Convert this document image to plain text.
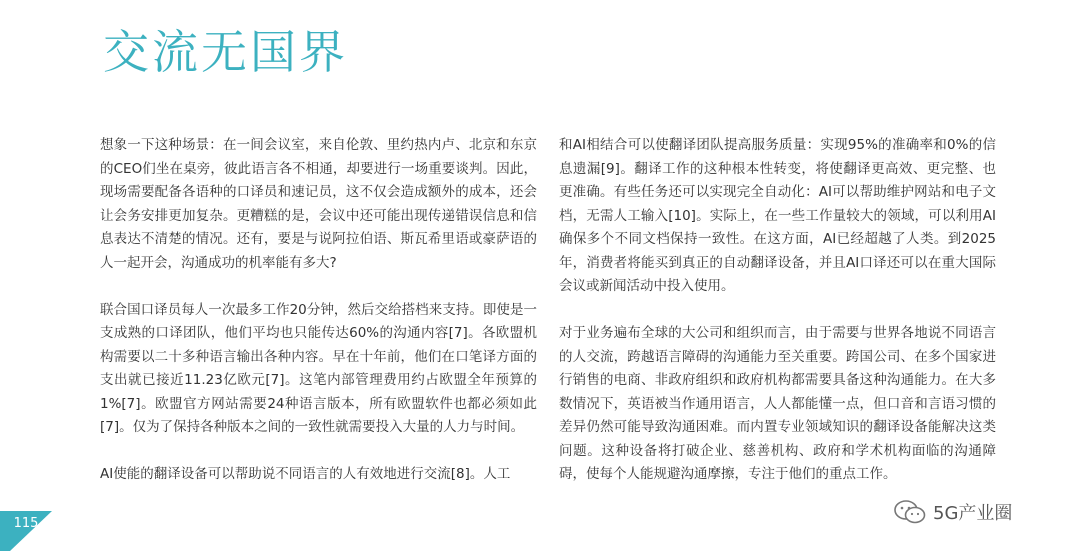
交流无国界

想象一下这种场景：在一间会议室，来自伦敦、里约热内卢、北京和东京的CEO们坐在桌旁，彼此语言各不相通，却要进行一场重要谈判。因此，现场需要配备各语种的口译员和速记员，这不仅会造成额外的成本，还会让会务安排更加复杂。更糟糕的是，会议中还可能出现传递错误信息和信息表达不清楚的情况。还有，要是与说阿拉伯语、斯瓦希里语或豪萨语的人一起开会，沟通成功的机率能有多大?

联合国口译员每人一次最多工作20分钟，然后交给搭档来支持。即使是一支成熟的口译团队，他们平均也只能传达60%的沟通内容[7]。各欧盟机构需要以二十多种语言输出各种内容。早在十年前，他们在口笔译方面的支出就已接近11.23亿欧元[7]。这笔内部管理费用约占欧盟全年预算的1%[7]。欧盟官方网站需要24种语言版本，所有欧盟软件也都必须如此[7]。仅为了保持各种版本之间的一致性就需要投入大量的人力与时间。

AI使能的翻译设备可以帮助说不同语言的人有效地进行交流[8]。人工

和AI相结合可以使翻译团队提高服务质量：实现95%的准确率和0%的信息遗漏[9]。翻译工作的这种根本性转变，将使翻译更高效、更完整、也更准确。有些任务还可以实现完全自动化：AI可以帮助维护网站和电子文档，无需人工输入[10]。实际上，在一些工作量较大的领域，可以利用AI确保多个不同文档保持一致性。在这方面，AI已经超越了人类。到2025年，消费者将能买到真正的自动翻译设备，并且AI口译还可以在重大国际会议或新闻活动中投入使用。

对于业务遍布全球的大公司和组织而言，由于需要与世界各地说不同语言的人交流，跨越语言障碍的沟通能力至关重要。跨国公司、在多个国家进行销售的电商、非政府组织和政府机构都需要具备这种沟通能力。在大多数情况下，英语被当作通用语言，人人都能懂一点，但口音和言语习惯的差异仍然可能导致沟通困难。而内置专业领域知识的翻译设备能解决这类问题。这种设备将打破企业、慈善机构、政府和学术机构面临的沟通障碍，使每个人能规避沟通摩擦，专注于他们的重点工作。

115	5G产业圈
